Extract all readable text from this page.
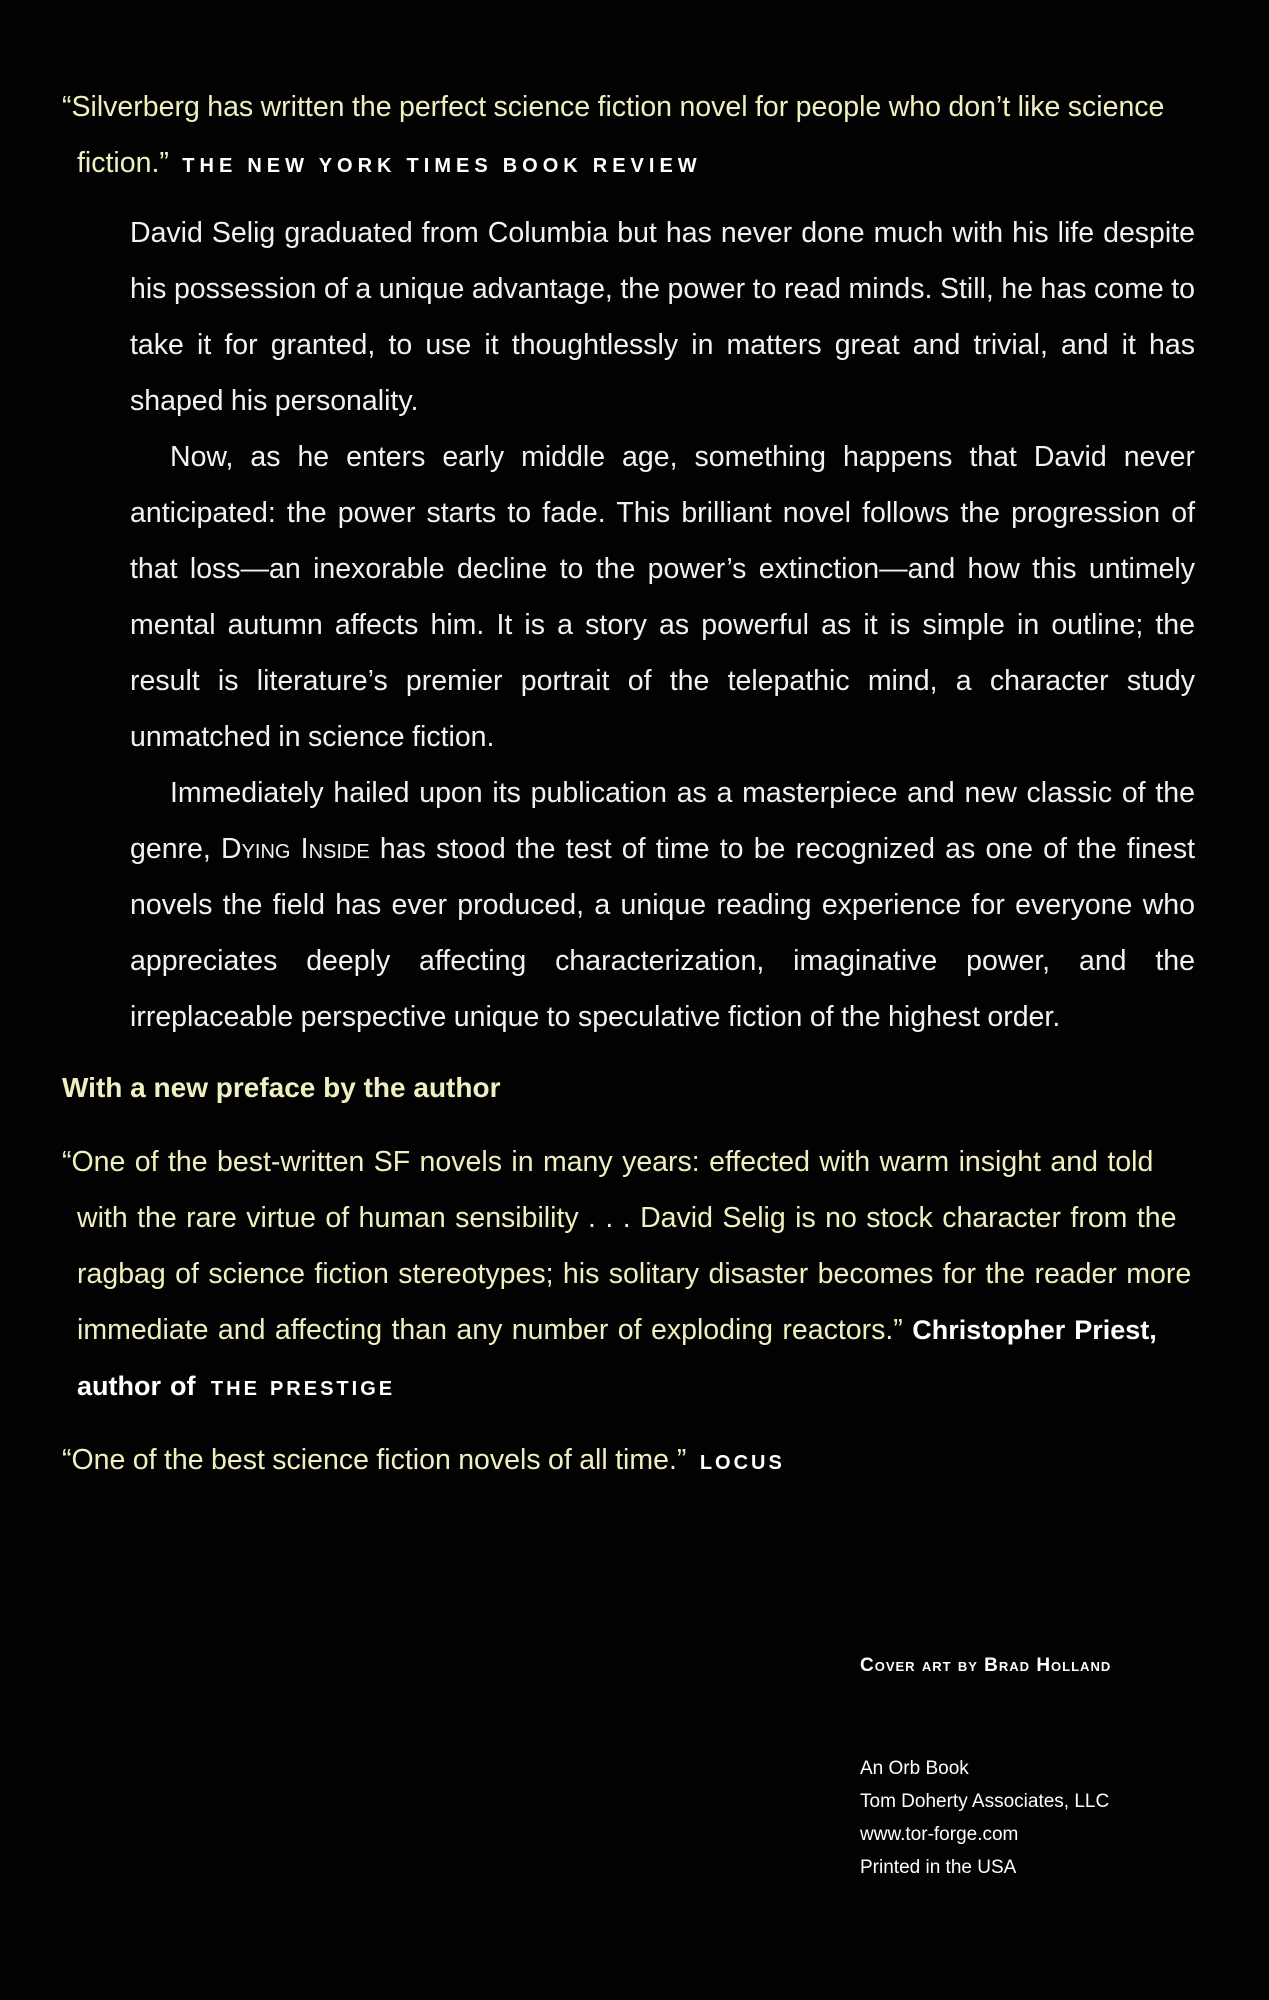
“Silverberg has written the perfect science fiction novel for people who don’t like science fiction.” THE NEW YORK TIMES BOOK REVIEW

David Selig graduated from Columbia but has never done much with his life despite his possession of a unique advantage, the power to read minds. Still, he has come to take it for granted, to use it thoughtlessly in matters great and trivial, and it has shaped his personality.

Now, as he enters early middle age, something happens that David never anticipated: the power starts to fade. This brilliant novel follows the progression of that loss—an inexorable decline to the power’s extinction—and how this untimely mental autumn affects him. It is a story as powerful as it is simple in outline; the result is literature’s premier portrait of the telepathic mind, a character study unmatched in science fiction.

Immediately hailed upon its publication as a masterpiece and new classic of the genre, Dying Inside has stood the test of time to be recognized as one of the finest novels the field has ever produced, a unique reading experience for everyone who appreciates deeply affecting characterization, imaginative power, and the irreplaceable perspective unique to speculative fiction of the highest order.

With a new preface by the author
“One of the best-written SF novels in many years: effected with warm insight and told with the rare virtue of human sensibility . . . David Selig is no stock character from the ragbag of science fiction stereotypes; his solitary disaster becomes for the reader more immediate and affecting than any number of exploding reactors.” Christopher Priest,
author of THE PRESTIGE
“One of the best science fiction novels of all time.” LOCUS
Cover art by Brad Holland
An Orb Book
Tom Doherty Associates, LLC
www.tor-forge.com
Printed in the USA
